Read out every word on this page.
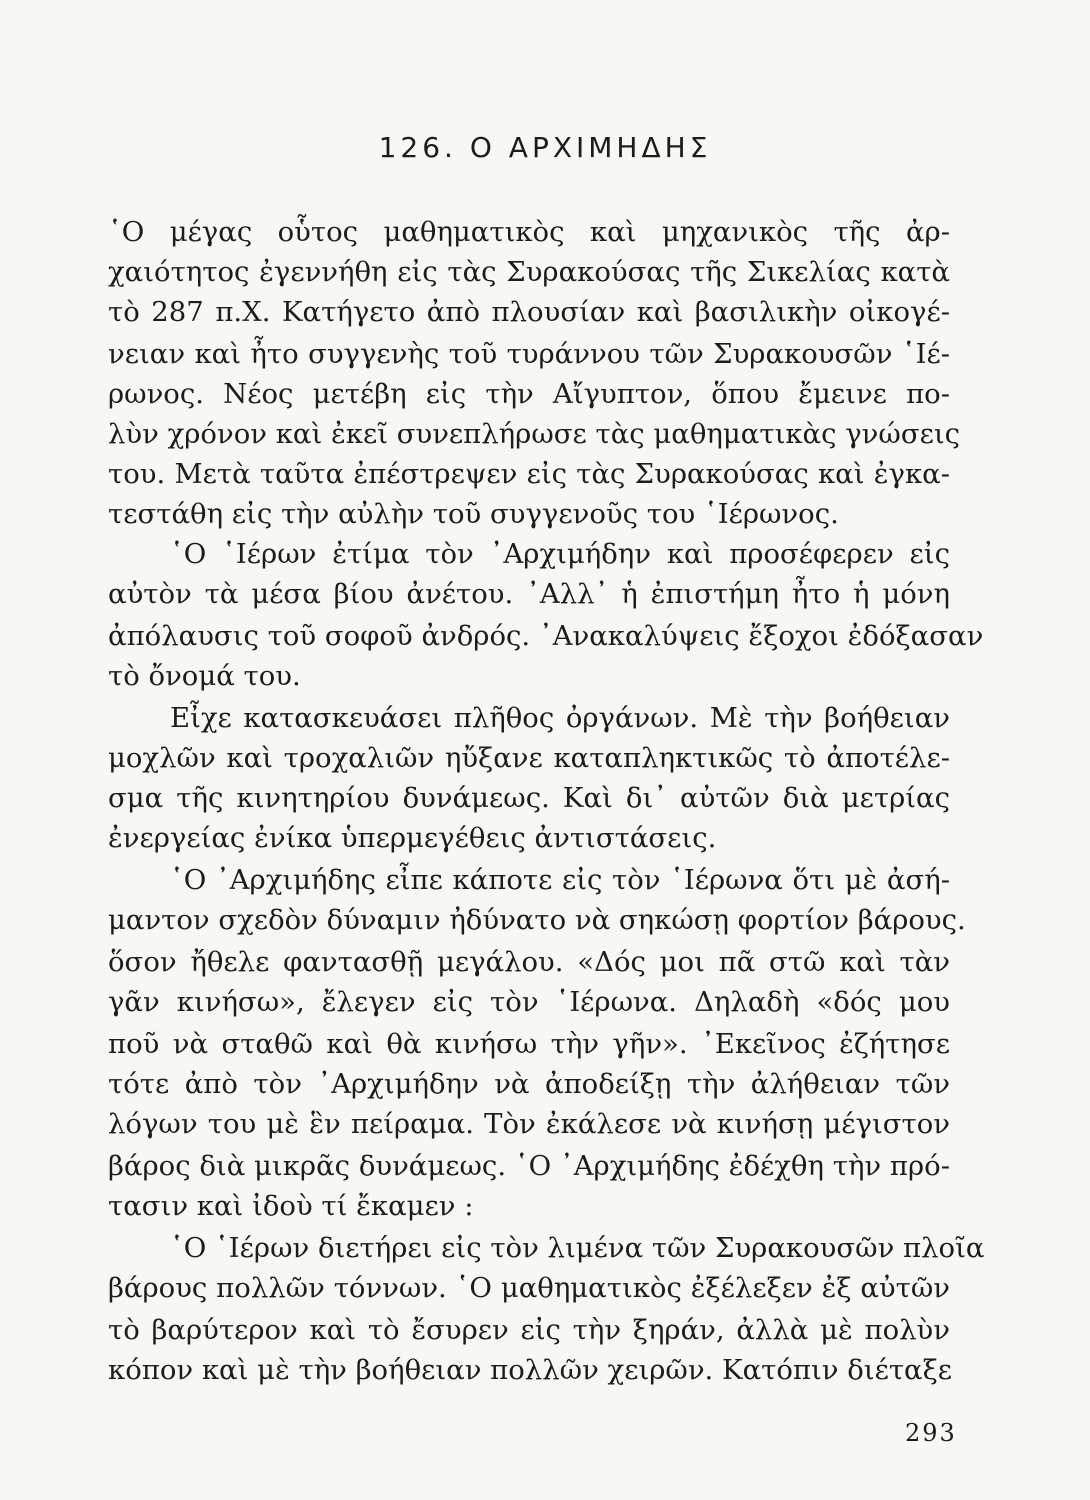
126. Ο ΑΡΧΙΜΗΔΗΣ
῾Ο μέγας οὗτος μαθηματικὸς καὶ μηχανικὸς τῆς ἀρ-
χαιότητος ἐγεννήθη εἰς τὰς Συρακούσας τῆς Σικελίας κατὰ
τὸ 287 π.Χ. Κατήγετο ἀπὸ πλουσίαν καὶ βασιλικὴν οἰκογέ-
νειαν καὶ ἦτο συγγενὴς τοῦ τυράννου τῶν Συρακουσῶν ῾Ιέ-
ρωνος. Νέος μετέβη εἰς τὴν Αἴγυπτον, ὅπου ἔμεινε πο-
λὺν χρόνον καὶ ἐκεῖ συνεπλήρωσε τὰς μαθηματικὰς γνώσεις
του. Μετὰ ταῦτα ἐπέστρεψεν εἰς τὰς Συρακούσας καὶ ἐγκα-
τεστάθη εἰς τὴν αὐλὴν τοῦ συγγενοῦς του ῾Ιέρωνος.
῾Ο ῾Ιέρων ἐτίμα τὸν ᾿Αρχιμήδην καὶ προσέφερεν εἰς
αὐτὸν τὰ μέσα βίου ἀνέτου. ᾿Αλλ᾿ ἡ ἐπιστήμη ἦτο ἡ μόνη
ἀπόλαυσις τοῦ σοφοῦ ἀνδρός. ᾿Ανακαλύψεις ἔξοχοι ἐδόξασαν
τὸ ὄνομά του.
Εἶχε κατασκευάσει πλῆθος ὀργάνων. Μὲ τὴν βοήθειαν
μοχλῶν καὶ τροχαλιῶν ηὔξανε καταπληκτικῶς τὸ ἀποτέλε-
σμα τῆς κινητηρίου δυνάμεως. Καὶ δι᾿ αὐτῶν διὰ μετρίας
ἐνεργείας ἐνίκα ὑπερμεγέθεις ἀντιστάσεις.
῾Ο ᾿Αρχιμήδης εἶπε κάποτε εἰς τὸν ῾Ιέρωνα ὅτι μὲ ἀσή-
μαντον σχεδὸν δύναμιν ἠδύνατο νὰ σηκώσῃ φορτίον βάρους.
ὅσον ἤθελε φαντασθῇ μεγάλου. «Δός μοι πᾶ στῶ καὶ τὰν
γᾶν κινήσω», ἔλεγεν εἰς τὸν ῾Ιέρωνα. Δηλαδὴ «δός μου
ποῦ νὰ σταθῶ καὶ θὰ κινήσω τὴν γῆν». ᾿Εκεῖνος ἐζήτησε
τότε ἀπὸ τὸν ᾿Αρχιμήδην νὰ ἀποδείξῃ τὴν ἀλήθειαν τῶν
λόγων του μὲ ἓν πείραμα. Τὸν ἐκάλεσε νὰ κινήσῃ μέγιστον
βάρος διὰ μικρᾶς δυνάμεως. ῾Ο ᾿Αρχιμήδης ἐδέχθη τὴν πρό-
τασιν καὶ ἰδοὺ τί ἔκαμεν :
῾Ο ῾Ιέρων διετήρει εἰς τὸν λιμένα τῶν Συρακουσῶν πλοῖα
βάρους πολλῶν τόννων. ῾Ο μαθηματικὸς ἐξέλεξεν ἐξ αὐτῶν
τὸ βαρύτερον καὶ τὸ ἔσυρεν εἰς τὴν ξηράν, ἀλλὰ μὲ πολὺν
κόπον καὶ μὲ τὴν βοήθειαν πολλῶν χειρῶν. Κατόπιν διέταξε
293
